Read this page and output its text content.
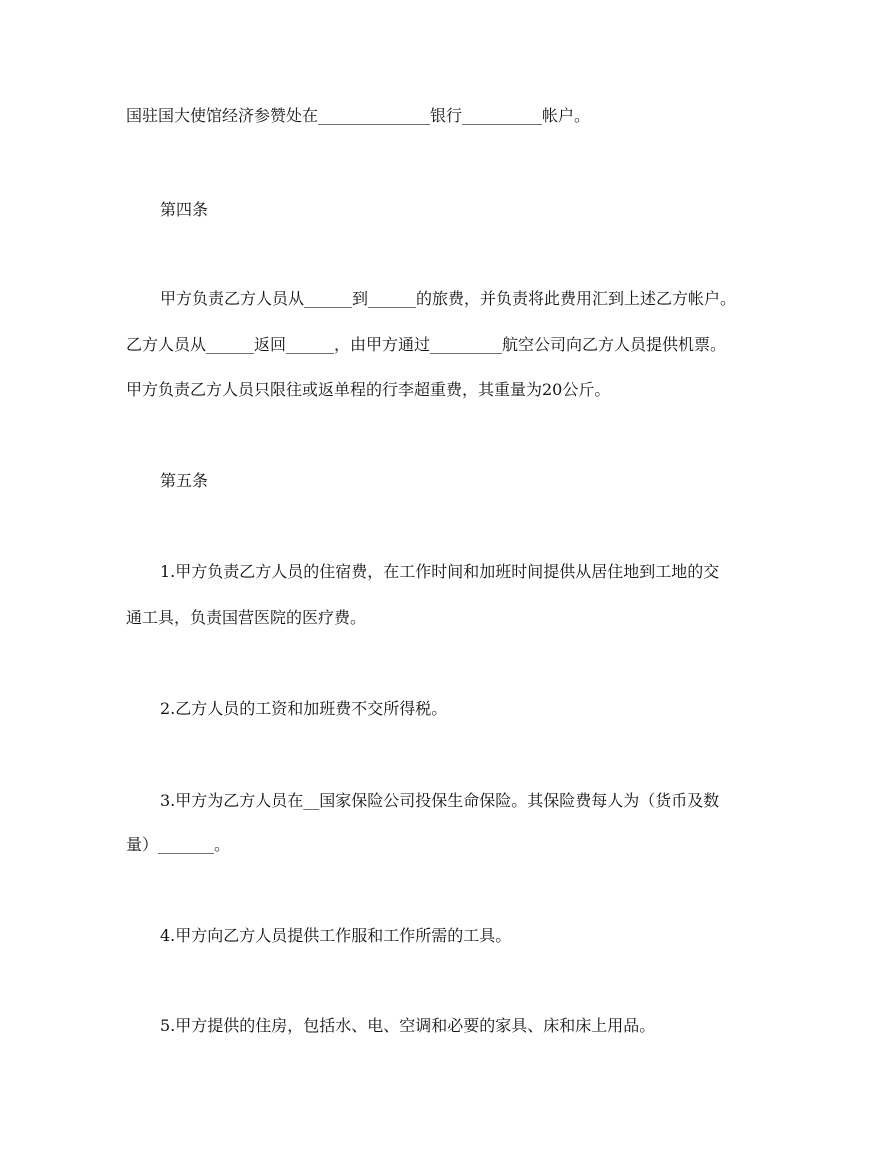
国驻国大使馆经济参赞处在______________银行__________帐户。
第四条
甲方负责乙方人员从______到______的旅费，并负责将此费用汇到上述乙方帐户。
乙方人员从______返回______，由甲方通过_________航空公司向乙方人员提供机票。
甲方负责乙方人员只限往或返单程的行李超重费，其重量为20公斤。
第五条
1.甲方负责乙方人员的住宿费，在工作时间和加班时间提供从居住地到工地的交
通工具，负责国营医院的医疗费。
2.乙方人员的工资和加班费不交所得税。
3.甲方为乙方人员在__国家保险公司投保生命保险。其保险费每人为（货币及数
量）_______。
4.甲方向乙方人员提供工作服和工作所需的工具。
5.甲方提供的住房，包括水、电、空调和必要的家具、床和床上用品。
